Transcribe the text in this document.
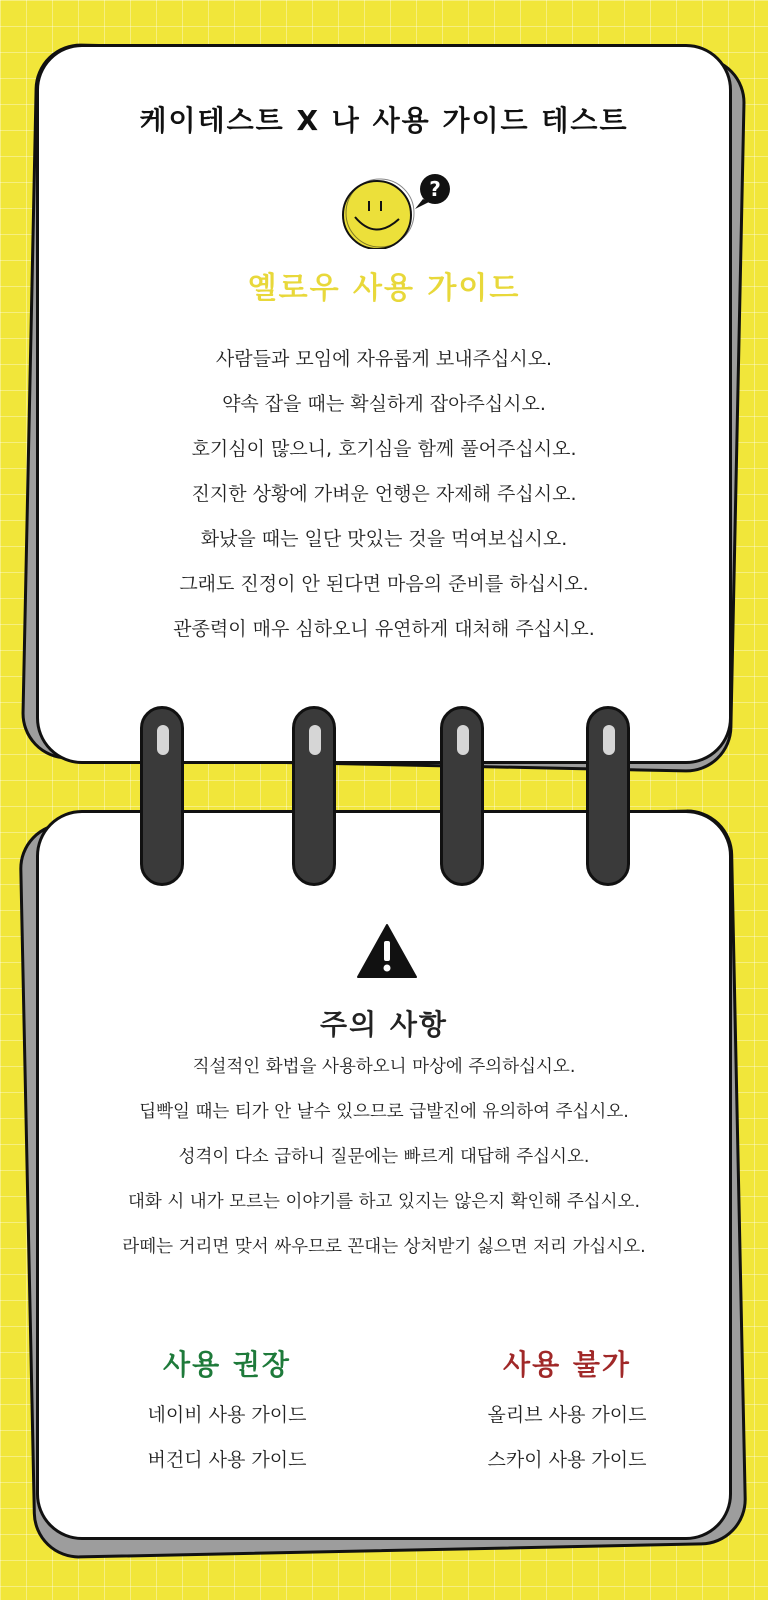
케이테스트 X 나 사용 가이드 테스트
?
옐로우 사용 가이드
사람들과 모임에 자유롭게 보내주십시오.
약속 잡을 때는 확실하게 잡아주십시오.
호기심이 많으니, 호기심을 함께 풀어주십시오.
진지한 상황에 가벼운 언행은 자제해 주십시오.
화났을 때는 일단 맛있는 것을 먹여보십시오.
그래도 진정이 안 된다면 마음의 준비를 하십시오.
관종력이 매우 심하오니 유연하게 대처해 주십시오.
주의 사항
직설적인 화법을 사용하오니 마상에 주의하십시오.
딥빡일 때는 티가 안 날수 있으므로 급발진에 유의하여 주십시오.
성격이 다소 급하니 질문에는 빠르게 대답해 주십시오.
대화 시 내가 모르는 이야기를 하고 있지는 않은지 확인해 주십시오.
라떼는 거리면 맞서 싸우므로 꼰대는 상처받기 싫으면 저리 가십시오.
사용 권장
네이비 사용 가이드
버건디 사용 가이드
사용 불가
올리브 사용 가이드
스카이 사용 가이드
